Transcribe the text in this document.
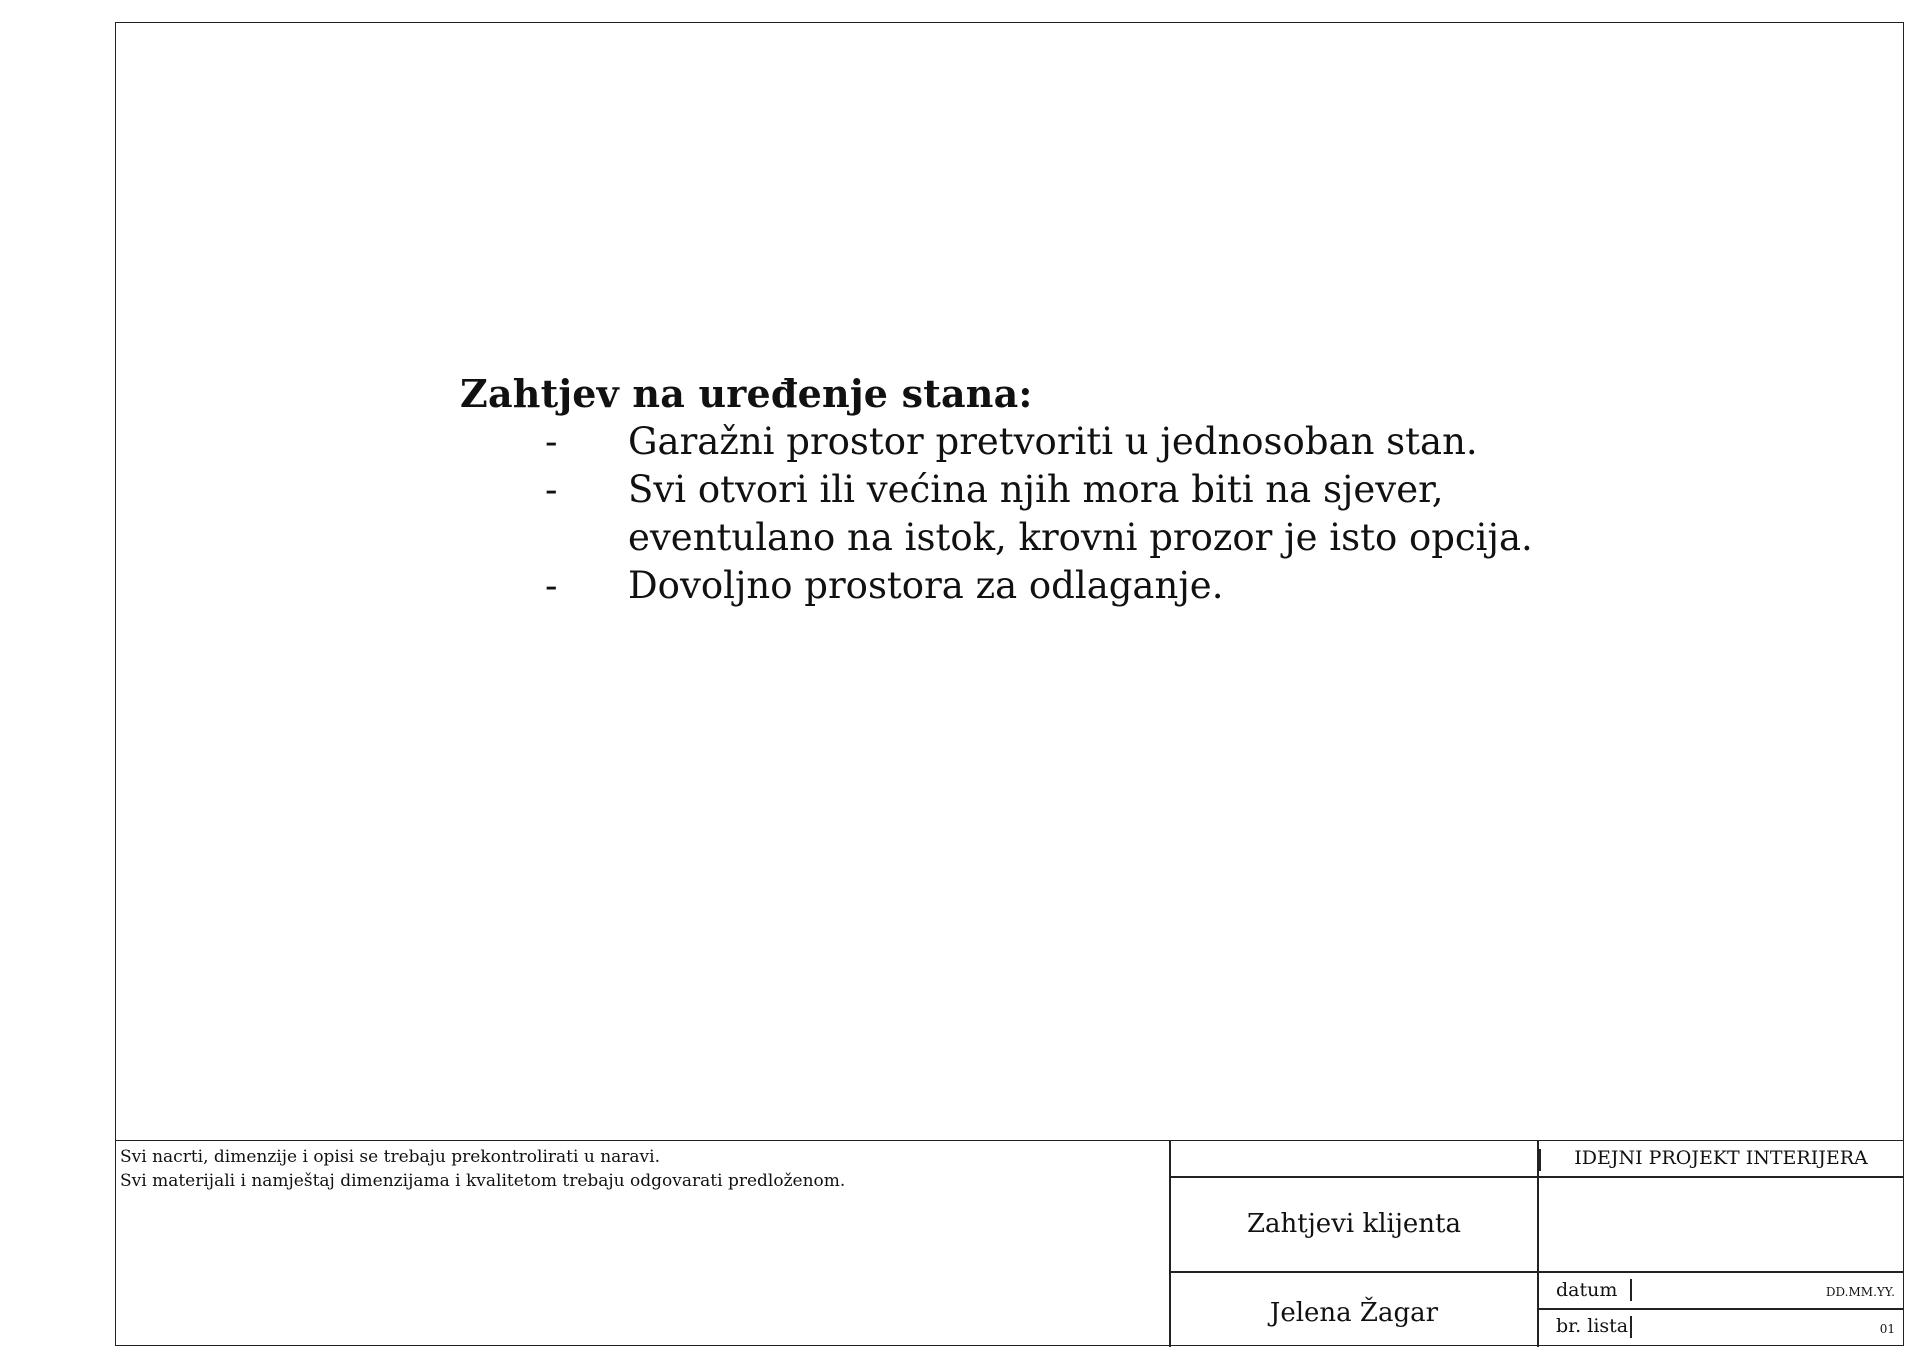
Zahtjev na uređenje stana:
- Garažni prostor pretvoriti u jednosoban stan.
- Svi otvori ili većina njih mora biti na sjever,
eventulano na istok, krovni prozor je isto opcija.
- Dovoljno prostora za odlaganje.
Svi nacrti, dimenzije i opisi se trebaju prekontrolirati u naravi.
Svi materijali i namještaj dimenzijama i kvalitetom trebaju odgovarati predloženom.
IDEJNI PROJEKT INTERIJERA
Zahtjevi klijenta
Jelena Žagar
datum	DD.MM.YY.
br. lista	01
